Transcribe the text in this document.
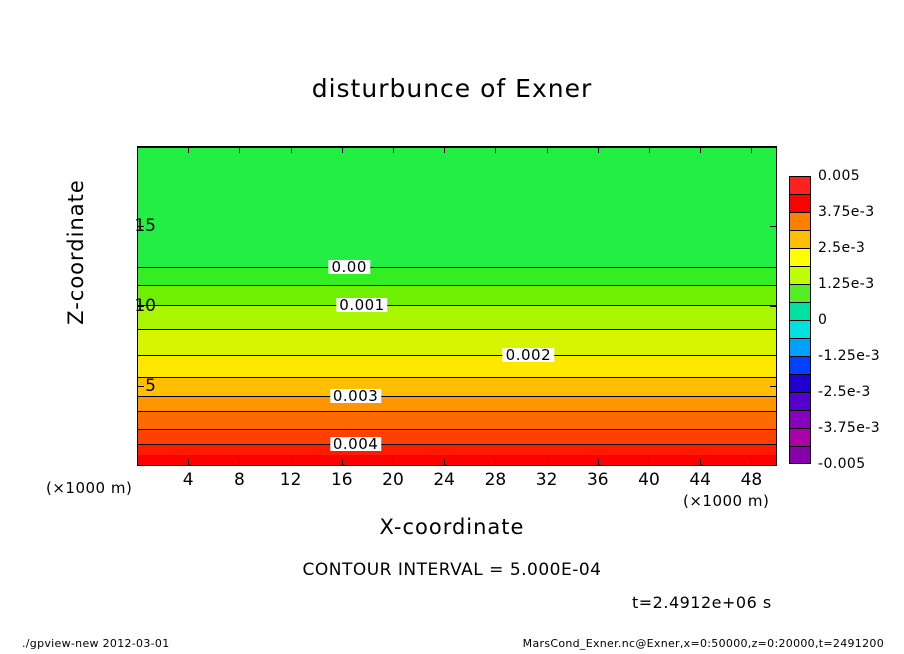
disturbunce of Exner
0.004
0.003
0.002
0.001
0.00
X-coordinate
Z-coordinate
(×1000 m)
(×1000 m)
4 8 12 16 20 24 28 32 36 40 44 48
5
10
15
0.005
3.75e-3
2.5e-3
1.25e-3
0
-1.25e-3
-2.5e-3
-3.75e-3
-0.005
CONTOUR INTERVAL = 5.000E-04
t=2.4912e+06 s
./gpview-new 2012-03-01	MarsCond_Exner.nc@Exner,x=0:50000,z=0:20000,t=2491200
